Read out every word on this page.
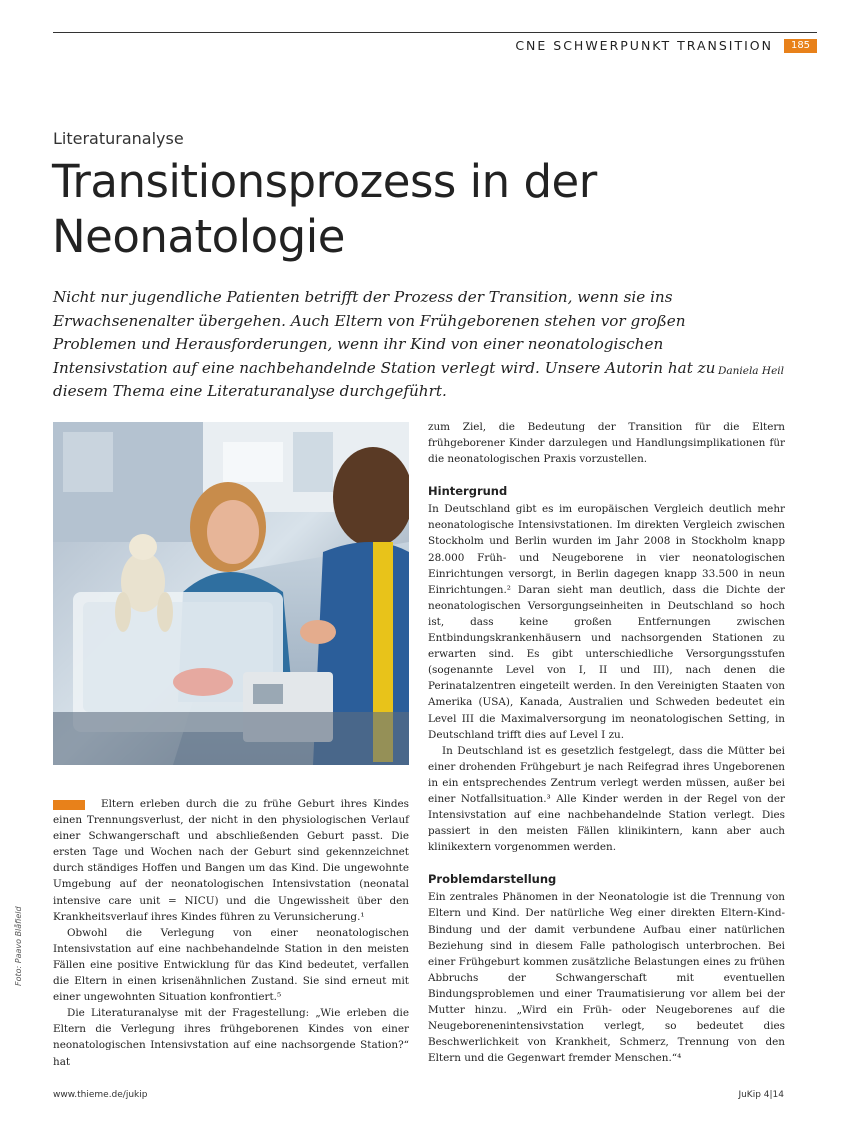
CNE SCHWERPUNKT TRANSITION	185
Literaturanalyse
Transitionsprozess in der Neonatologie

Nicht nur jugendliche Patienten betrifft der Prozess der Transition, wenn sie ins Erwachsenenalter übergehen. Auch Eltern von Frühgeborenen stehen vor großen Problemen und Herausforderungen, wenn ihr Kind von einer neonatologischen Intensivstation auf eine nachbehandelnde Station verlegt wird. Unsere Autorin hat zu diesem Thema eine Literaturanalyse durchgeführt.

Daniela Heil
Foto: Paavo Blåfield

Eltern erleben durch die zu frühe Geburt ihres Kindes einen Trennungsverlust, der nicht in den physiologischen Verlauf einer Schwangerschaft und abschließenden Geburt passt. Die ersten Tage und Wochen nach der Geburt sind gekennzeichnet durch ständiges Hoffen und Bangen um das Kind. Die ungewohnte Umgebung auf der neonatologischen Intensivstation (neonatal intensive care unit = NICU) und die Ungewissheit über den Krankheitsverlauf ihres Kindes führen zu Verunsicherung.¹

Obwohl die Verlegung von einer neonatologischen Intensivstation auf eine nachbehandelnde Station in den meisten Fällen eine positive Entwicklung für das Kind bedeutet, verfallen die Eltern in einen krisenähnlichen Zustand. Sie sind erneut mit einer ungewohnten Situation konfrontiert.⁵

Die Literaturanalyse mit der Fragestellung: „Wie erleben die Eltern die Verlegung ihres frühgeborenen Kindes von einer neonatologischen Intensivstation auf eine nachsorgende Station?“ hat

zum Ziel, die Bedeutung der Transition für die Eltern frühgeborener Kinder darzulegen und Handlungsimplikationen für die neonatologischen Praxis vorzustellen.

Hintergrund

In Deutschland gibt es im europäischen Vergleich deutlich mehr neonatologische Intensivstationen. Im direkten Vergleich zwischen Stockholm und Berlin wurden im Jahr 2008 in Stockholm knapp 28.000 Früh- und Neugeborene in vier neonatologischen Einrichtungen versorgt, in Berlin dagegen knapp 33.500 in neun Einrichtungen.² Daran sieht man deutlich, dass die Dichte der neonatologischen Versorgungseinheiten in Deutschland so hoch ist, dass keine großen Entfernungen zwischen Entbindungskrankenhäusern und nachsorgenden Stationen zu erwarten sind. Es gibt unterschiedliche Versorgungsstufen (sogenannte Level von I, II und III), nach denen die Perinatalzentren eingeteilt werden. In den Vereinigten Staaten von Amerika (USA), Kanada, Australien und Schweden bedeutet ein Level III die Maximalversorgung im neonatologischen Setting, in Deutschland trifft dies auf Level I zu.

In Deutschland ist es gesetzlich festgelegt, dass die Mütter bei einer drohenden Frühgeburt je nach Reifegrad ihres Ungeborenen in ein entsprechendes Zentrum verlegt werden müssen, außer bei einer Notfallsituation.³ Alle Kinder werden in der Regel von der Intensivstation auf eine nachbehandelnde Station verlegt. Dies passiert in den meisten Fällen klinikintern, kann aber auch klinikextern vorgenommen werden.

Problemdarstellung

Ein zentrales Phänomen in der Neonatologie ist die Trennung von Eltern und Kind. Der natürliche Weg einer direkten Eltern-Kind-Bindung und der damit verbundene Aufbau einer natürlichen Beziehung sind in diesem Falle pathologisch unterbrochen. Bei einer Frühgeburt kommen zusätzliche Belastungen eines zu frühen Abbruchs der Schwangerschaft mit eventuellen Bindungsproblemen und einer Traumatisierung vor allem bei der Mutter hinzu. „Wird ein Früh- oder Neugeborenes auf die Neugeborenenintensivstation verlegt, so bedeutet dies Beschwerlichkeit von Krankheit, Schmerz, Trennung von den Eltern und die Gegenwart fremder Menschen.“⁴

www.thieme.de/jukip	JuKip 4|14
